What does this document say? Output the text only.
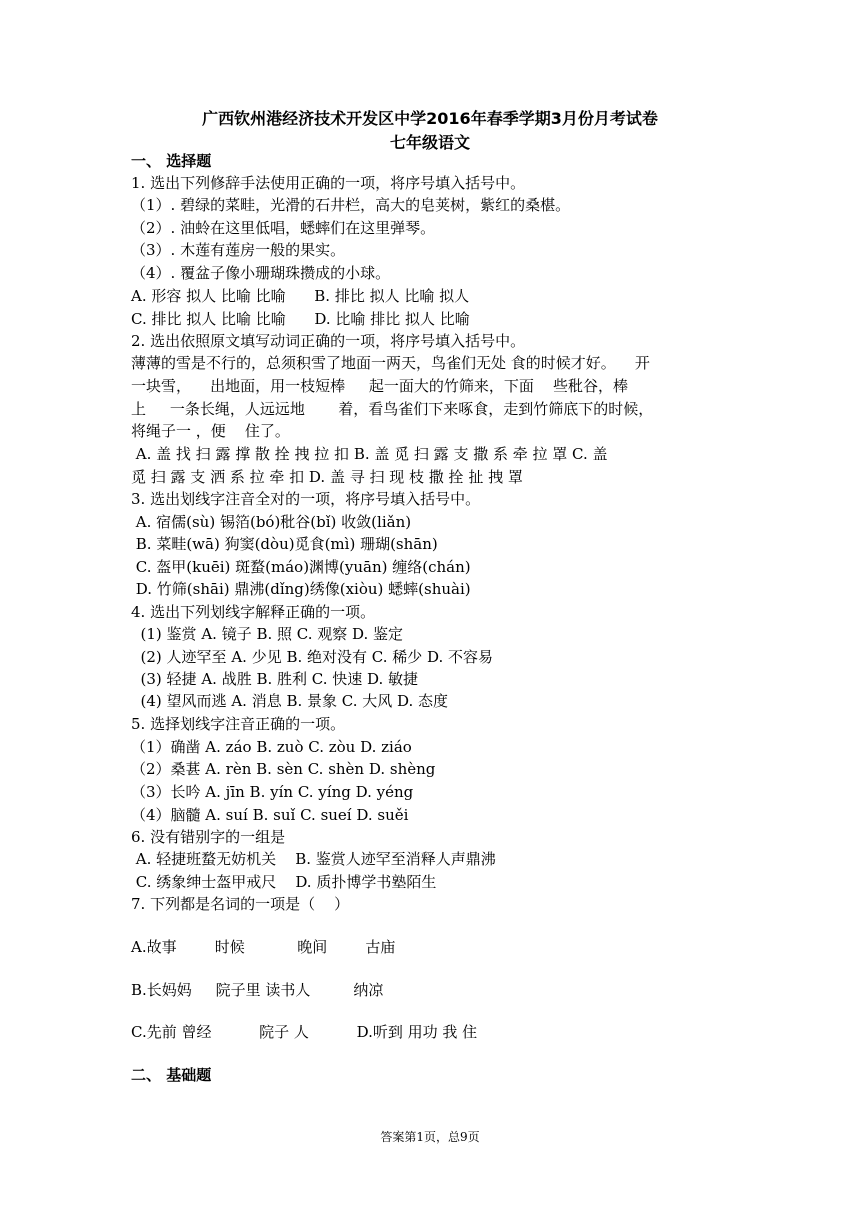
广西钦州港经济技术开发区中学2016年春季学期3月份月考试卷
七年级语文
一、 选择题
1. 选出下列修辞手法使用正确的一项，将序号填入括号中。
（1）. 碧绿的菜畦，光滑的石井栏，高大的皂荚树，紫红的桑椹。
（2）. 油蛉在这里低唱，蟋蟀们在这里弹琴。
（3）. 木莲有莲房一般的果实。
（4）. 覆盆子像小珊瑚珠攒成的小球。
A. 形容 拟人 比喻 比喻      B. 排比 拟人 比喻 拟人
C. 排比 拟人 比喻 比喻      D. 比喻 排比 拟人 比喻
2. 选出依照原文填写动词正确的一项，将序号填入括号中。
薄薄的雪是不行的，总须积雪了地面一两天，鸟雀们无处 食的时候才好。    开
一块雪，    出地面，用一枝短棒     起一面大的竹筛来，下面    些秕谷，棒
上     一条长绳，人远远地       着，看鸟雀们下来啄食，走到竹筛底下的时候，
将绳子一 ，便    住了。
A. 盖 找 扫 露 撑 散 拴 拽 拉 扣 B. 盖 觅 扫 露 支 撒 系 牵 拉 罩 C. 盖
觅 扫 露 支 洒 系 拉 牵 扣 D. 盖 寻 扫 现 枝 撒 拴 扯 拽 罩
3. 选出划线字注音全对的一项，将序号填入括号中。
A. 宿儒(sù) 锡箔(bó)秕谷(bǐ) 收敛(liǎn)
B. 菜畦(wā) 狗窦(dòu)觅食(mì) 珊瑚(shān)
C. 盔甲(kuēi) 斑蝥(máo)渊博(yuān) 缠络(chán)
D. 竹筛(shāi) 鼎沸(dǐng)绣像(xiòu) 蟋蟀(shuài)
4. 选出下列划线字解释正确的一项。
(1) 鉴赏 A. 镜子 B. 照 C. 观察 D. 鉴定
(2) 人迹罕至 A. 少见 B. 绝对没有 C. 稀少 D. 不容易
(3) 轻捷 A. 战胜 B. 胜利 C. 快速 D. 敏捷
(4) 望风而逃 A. 消息 B. 景象 C. 大风 D. 态度
5. 选择划线字注音正确的一项。
（1）确凿 A. záo B. zuò C. zòu D. ziáo
（2）桑葚 A. rèn B. sèn C. shèn D. shèng
（3）长吟 A. jīn B. yín C. yíng D. yéng
（4）脑髓 A. suí B. suǐ C. sueí D. suěi
6. 没有错别字的一组是
A. 轻捷班蝥无妨机关    B. 鉴赏人迹罕至消释人声鼎沸
C. 绣象绅士盔甲戒尺    D. 质扑博学书塾陌生
7. 下列都是名词的一项是（    ）
A.故事        时候           晚间        古庙
B.长妈妈     院子里 读书人         纳凉
C.先前 曾经          院子 人          D.听到 用功 我 住
二、 基础题
答案第1页，总9页
